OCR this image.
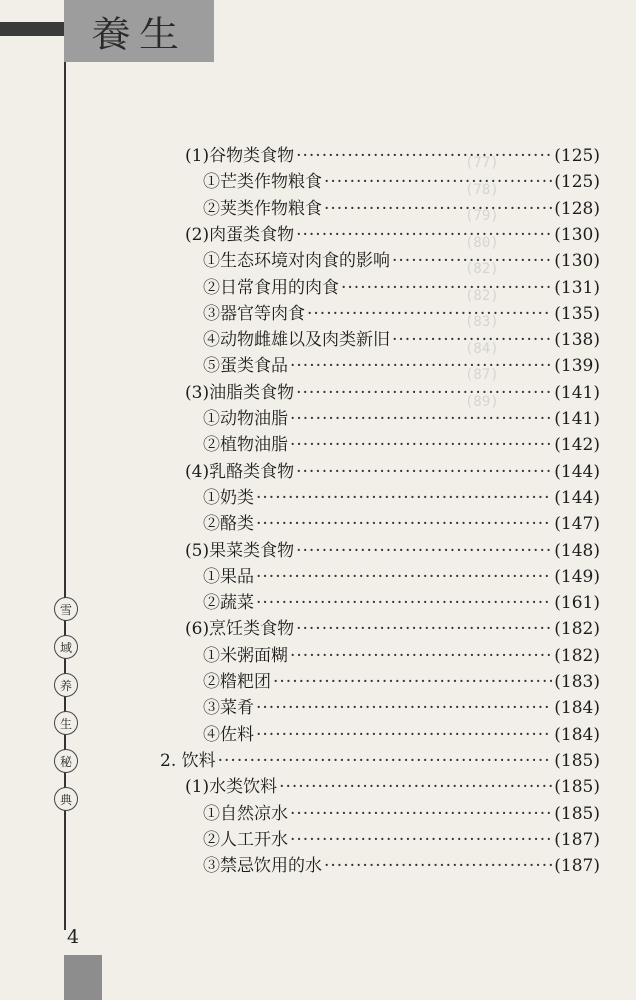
養生
(77)
(78)
(79)
(80)
(82)
(82)
(83)
(84)
(87)
(89)
(1)谷物类食物 ·····	(125)
①芒类作物粮食 ·····	(125)
②荚类作物粮食 ·····	(128)
(2)肉蛋类食物 ·····	(130)
①生态环境对肉食的影响 ·····	(130)
②日常食用的肉食 ·····	(131)
③器官等肉食 ·····	(135)
④动物雌雄以及肉类新旧 ·····	(138)
⑤蛋类食品 ·····	(139)
(3)油脂类食物 ·····	(141)
①动物油脂 ·····	(141)
②植物油脂 ·····	(142)
(4)乳酪类食物 ·····	(144)
①奶类 ·····	(144)
②酪类 ·····	(147)
(5)果菜类食物 ·····	(148)
①果品 ·····	(149)
②蔬菜 ·····	(161)
(6)烹饪类食物 ·····	(182)
①米粥面糊 ·····	(182)
②糌粑团 ·····	(183)
③菜肴 ·····	(184)
④佐料 ·····	(184)
2. 饮料 ·····	(185)
(1)水类饮料 ·····	(185)
①自然凉水 ·····	(185)
②人工开水 ·····	(187)
③禁忌饮用的水 ·····	(187)
雪
域
养
生
秘
典
4
